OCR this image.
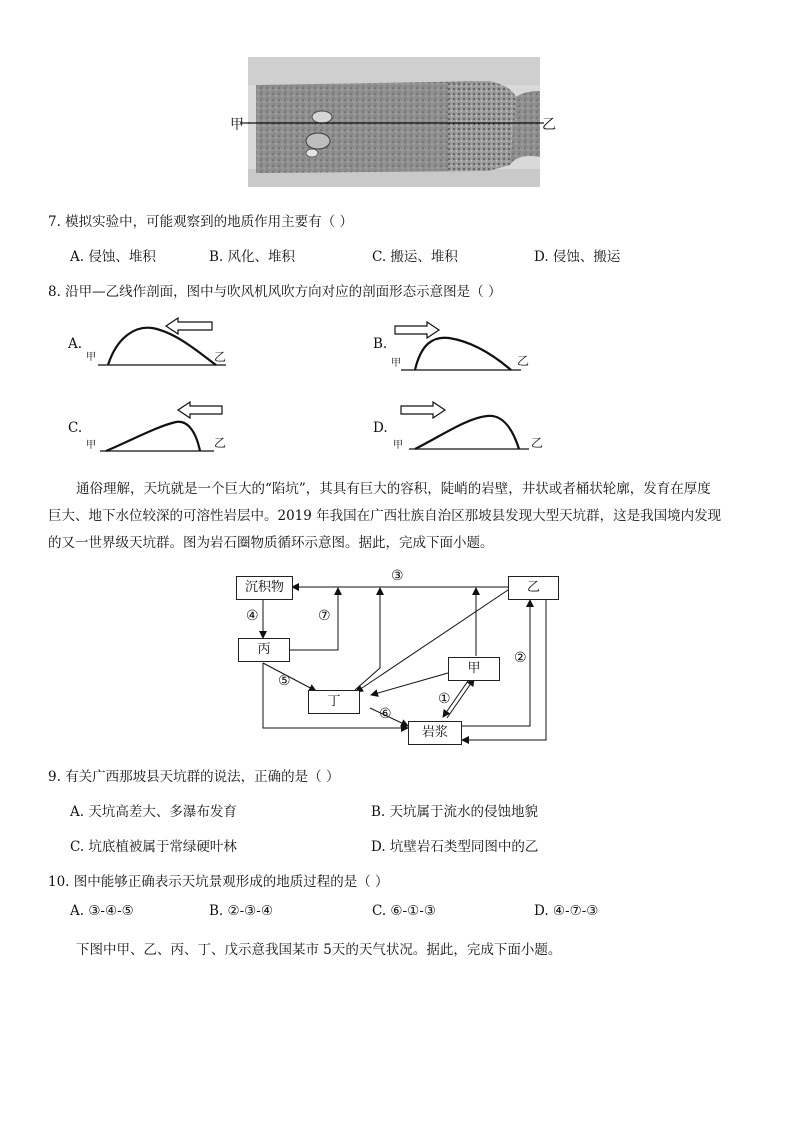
甲	乙
7. 模拟实验中，可能观察到的地质作用主要有（ ）
A. 侵蚀、堆积	B. 风化、堆积	C. 搬运、堆积	D. 侵蚀、搬运
8. 沿甲—乙线作剖面，图中与吹风机风吹方向对应的剖面形态示意图是（ ）
A.
甲	乙
B.
甲	乙
C.
甲	乙
D.
甲	乙

通俗理解，天坑就是一个巨大的“陷坑”，其具有巨大的容积，陡峭的岩壁，井状或者桶状轮廓，发育在厚度

巨大、地下水位较深的可溶性岩层中。2019 年我国在广西壮族自治区那坡县发现大型天坑群，这是我国境内发现

的又一世界级天坑群。图为岩石圈物质循环示意图。据此，完成下面小题。

沉积物	乙
丙
甲
丁
岩浆
③
④	⑦
②
⑤
①
⑥
9. 有关广西那坡县天坑群的说法，正确的是（ ）
A. 天坑高差大、多瀑布发育	B. 天坑属于流水的侵蚀地貌
C. 坑底植被属于常绿硬叶林	D. 坑壁岩石类型同图中的乙
10. 图中能够正确表示天坑景观形成的地质过程的是（ ）
A. ③-④-⑤	B. ②-③-④	C. ⑥-①-③	D. ④-⑦-③
下图中甲、乙、丙、丁、戊示意我国某市 5天的天气状况。据此，完成下面小题。
